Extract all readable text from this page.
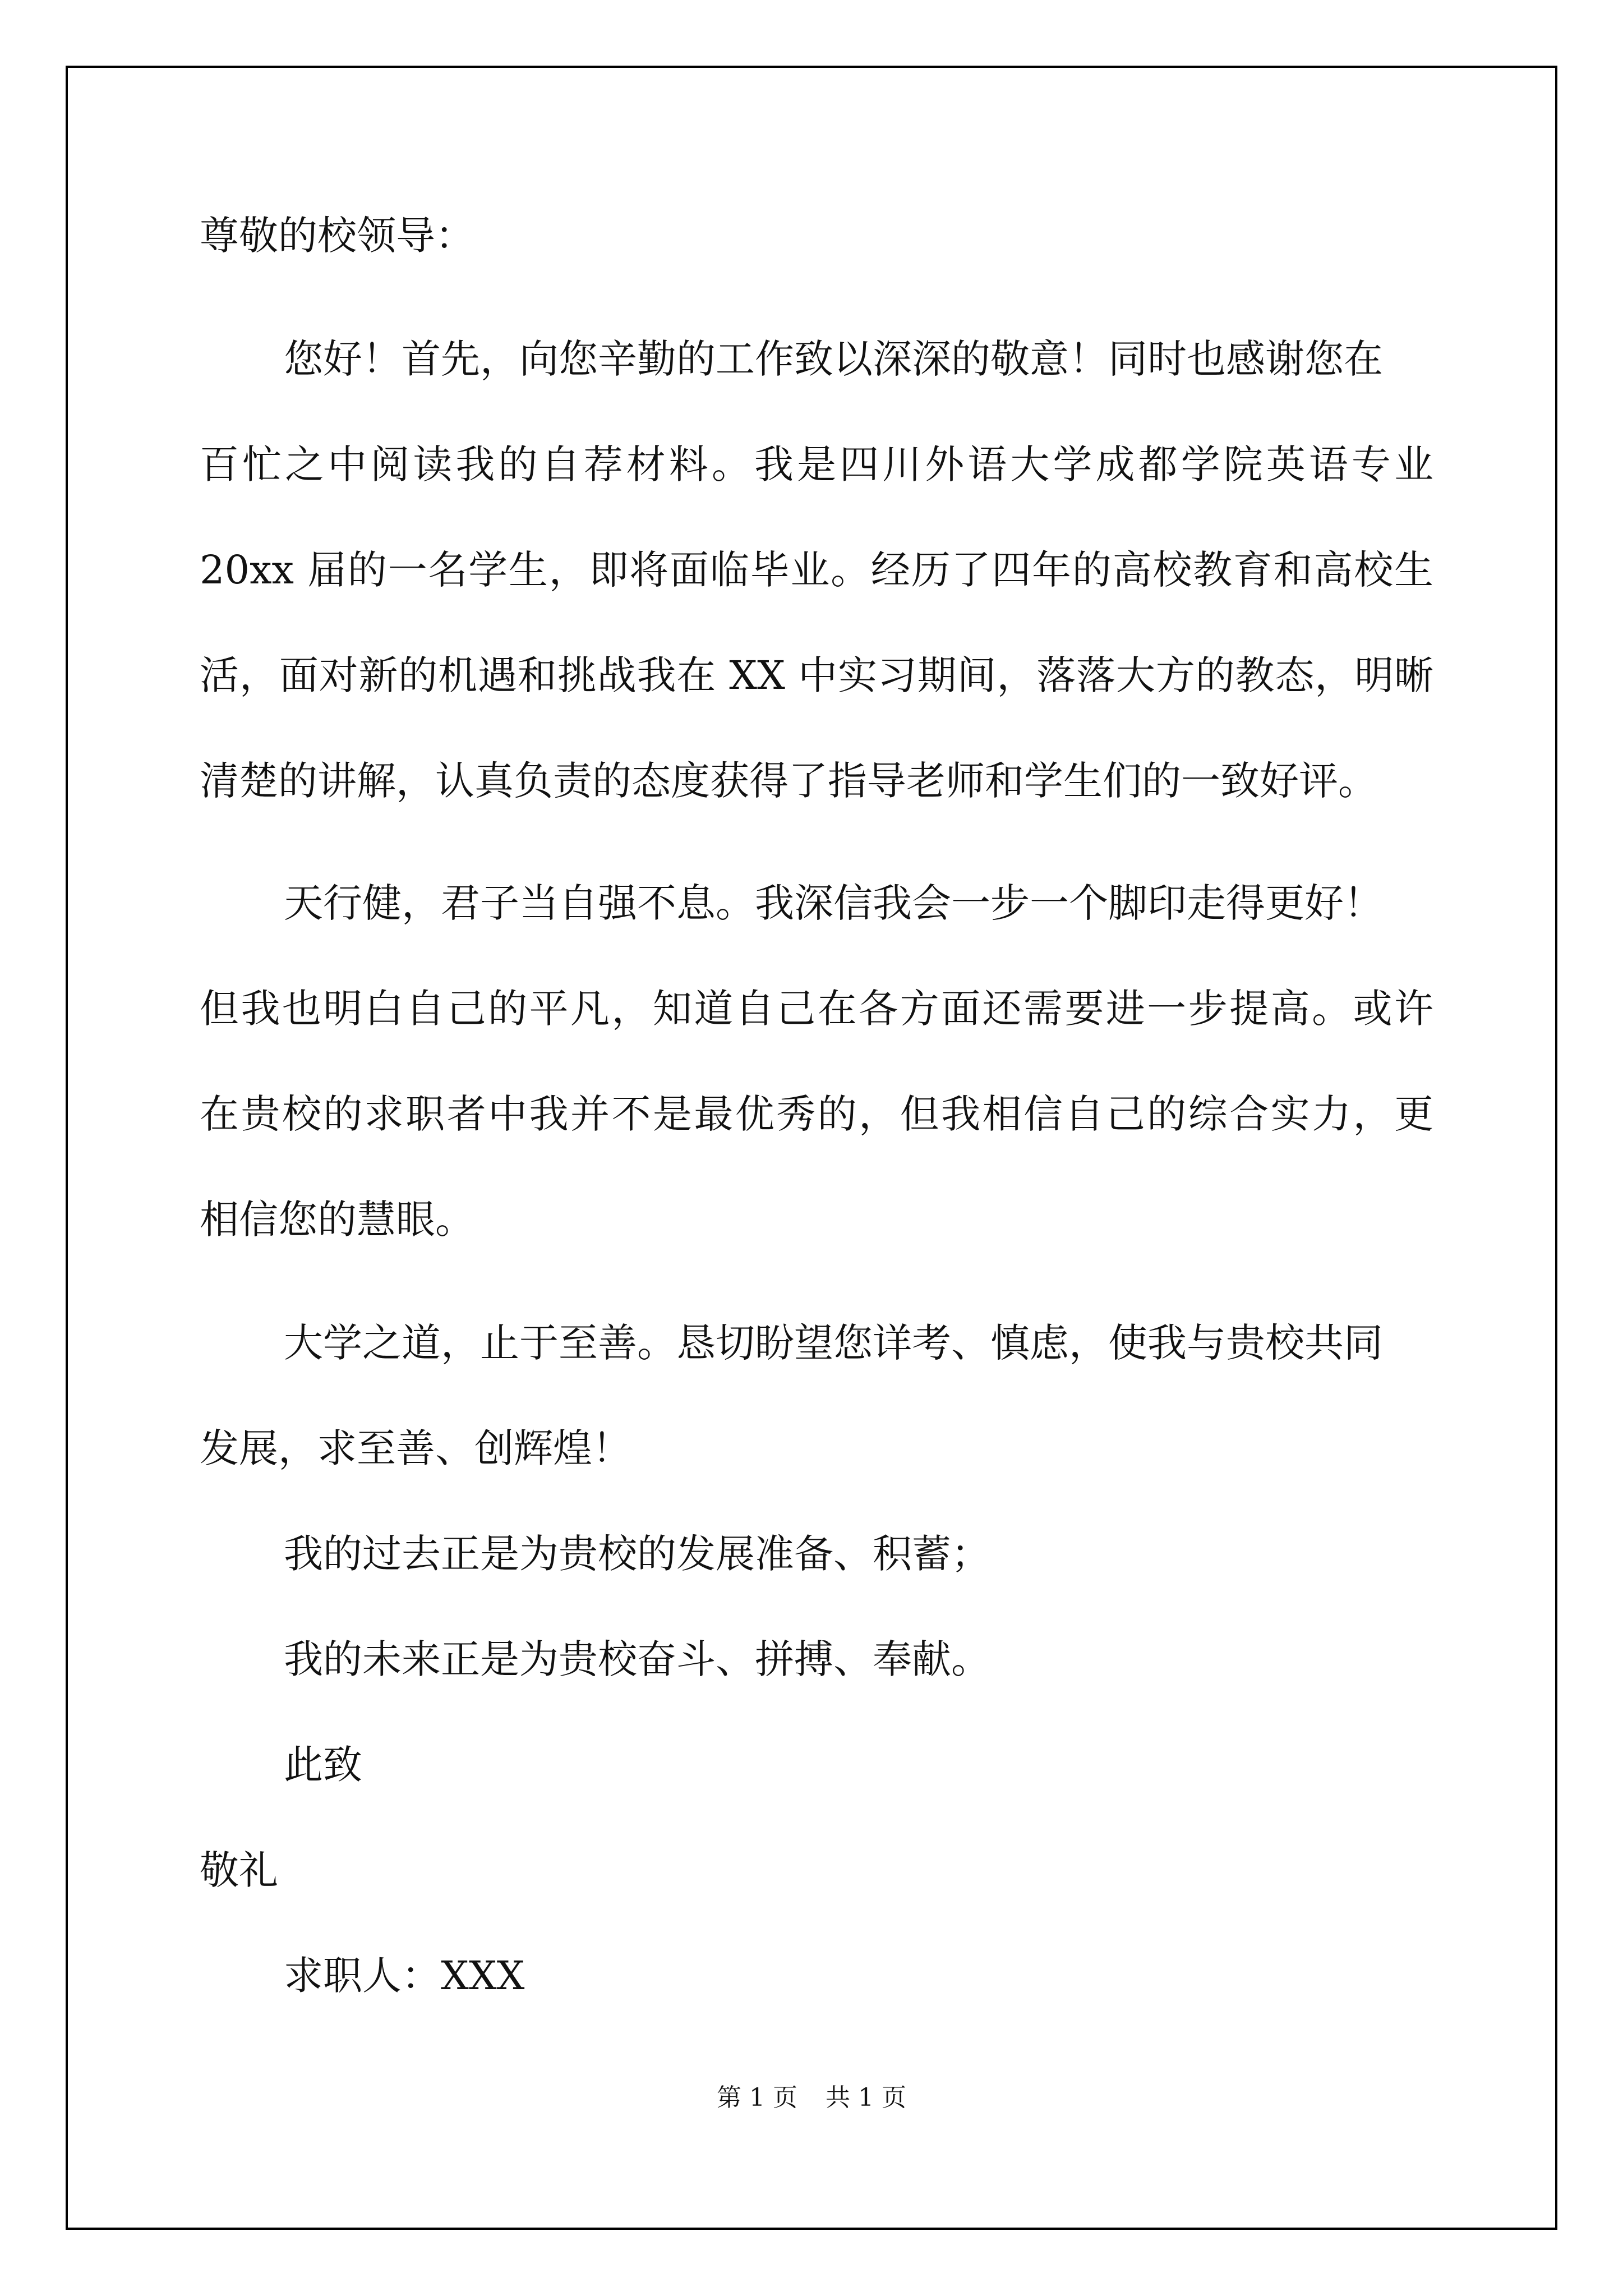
尊敬的校领导：

您好！首先，向您辛勤的工作致以深深的敬意！同时也感谢您在

百忙之中阅读我的自荐材料。我是四川外语大学成都学院英语专业

20xx 届的一名学生，即将面临毕业。经历了四年的高校教育和高校生

活，面对新的机遇和挑战我在 XX 中实习期间，落落大方的教态，明晰

清楚的讲解，认真负责的态度获得了指导老师和学生们的一致好评。

天行健，君子当自强不息。我深信我会一步一个脚印走得更好！

但我也明白自己的平凡，知道自己在各方面还需要进一步提高。或许

在贵校的求职者中我并不是最优秀的，但我相信自己的综合实力，更

相信您的慧眼。

大学之道，止于至善。恳切盼望您详考、慎虑，使我与贵校共同

发展，求至善、创辉煌！

我的过去正是为贵校的发展准备、积蓄；

我的未来正是为贵校奋斗、拼搏、奉献。

此致

敬礼

求职人：XXX

第 1 页 共 1 页
